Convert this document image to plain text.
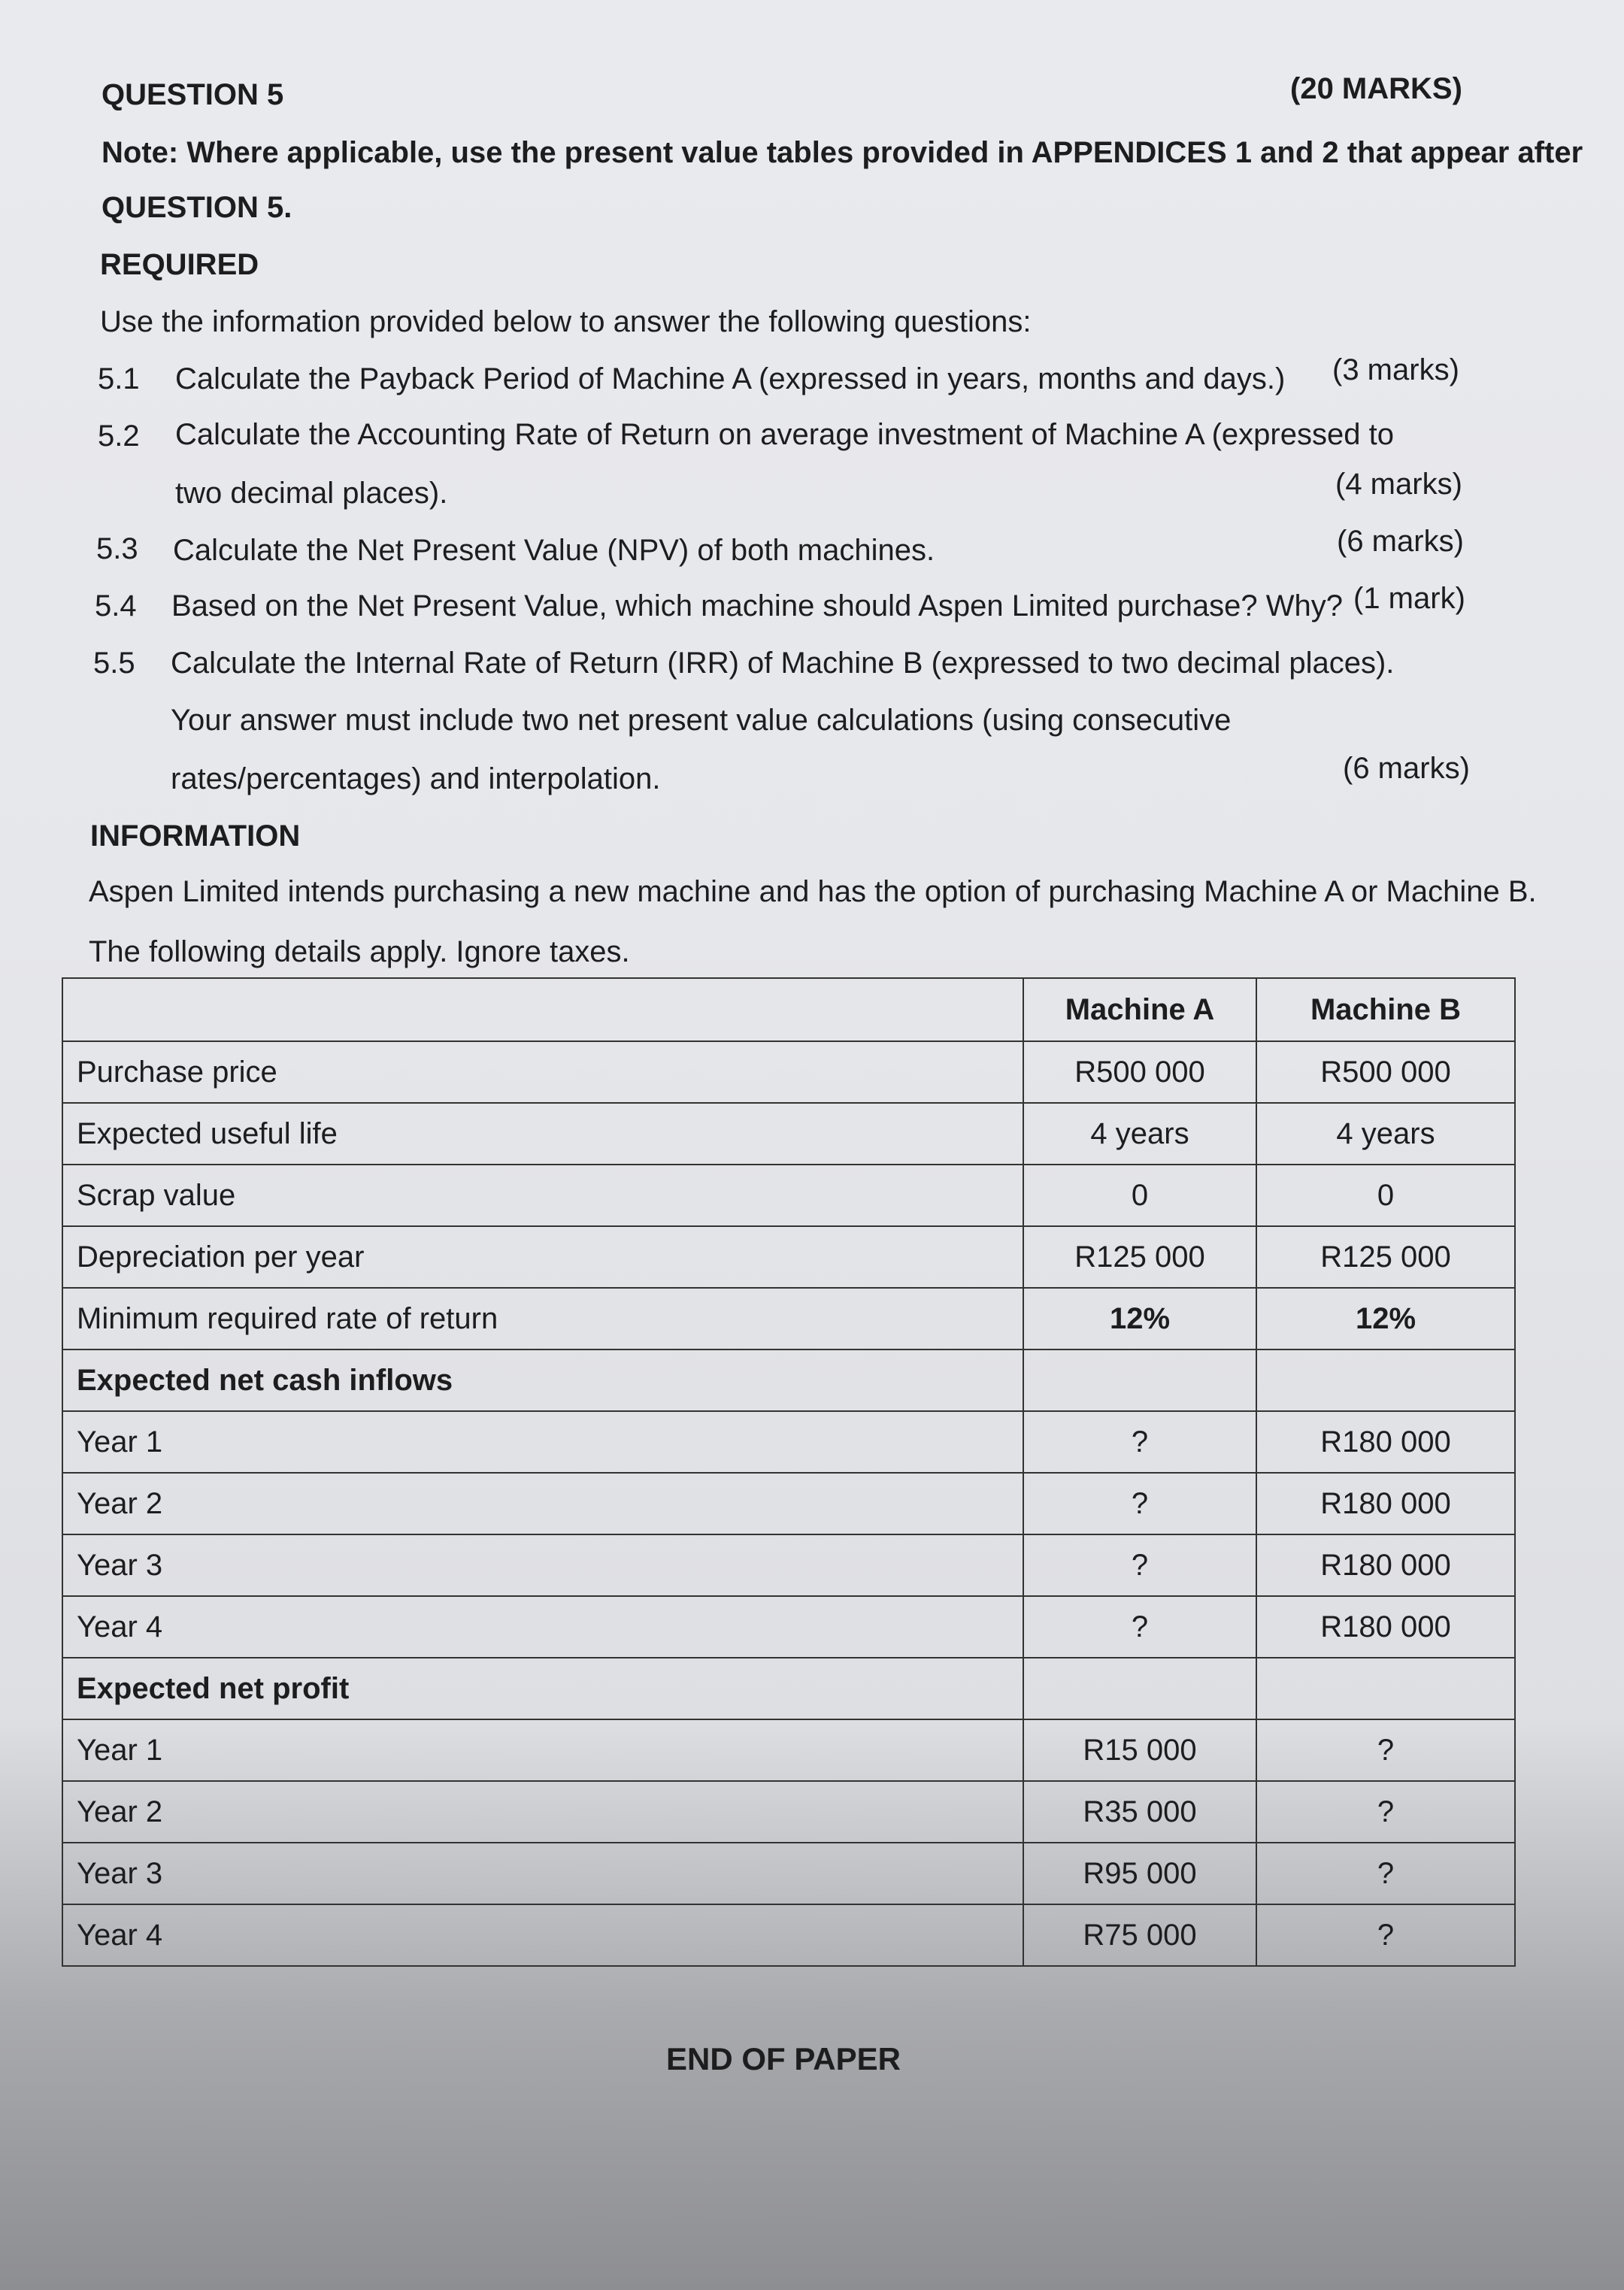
QUESTION 5	(20 MARKS)
Note: Where applicable, use the present value tables provided in APPENDICES 1 and 2 that appear after
QUESTION 5.
REQUIRED
Use the information provided below to answer the following questions:
5.1 Calculate the Payback Period of Machine A (expressed in years, months and days.) (3 marks)
5.2 Calculate the Accounting Rate of Return on average investment of Machine A (expressed to
two decimal places).	(4 marks)
5.3 Calculate the Net Present Value (NPV) of both machines.	(6 marks)
5.4 Based on the Net Present Value, which machine should Aspen Limited purchase? Why? (1 mark)
5.5 Calculate the Internal Rate of Return (IRR) of Machine B (expressed to two decimal places).
Your answer must include two net present value calculations (using consecutive
rates/percentages) and interpolation.	(6 marks)
INFORMATION
Aspen Limited intends purchasing a new machine and has the option of purchasing Machine A or Machine B.
The following details apply. Ignore taxes.
	Machine A	Machine B
Purchase price	R500 000	R500 000
Expected useful life	4 years	4 years
Scrap value	0	0
Depreciation per year	R125 000	R125 000
Minimum required rate of return	12%	12%
Expected net cash inflows		
Year 1	?	R180 000
Year 2	?	R180 000
Year 3	?	R180 000
Year 4	?	R180 000
Expected net profit		
Year 1	R15 000	?
Year 2	R35 000	?
Year 3	R95 000	?
Year 4	R75 000	?
END OF PAPER
